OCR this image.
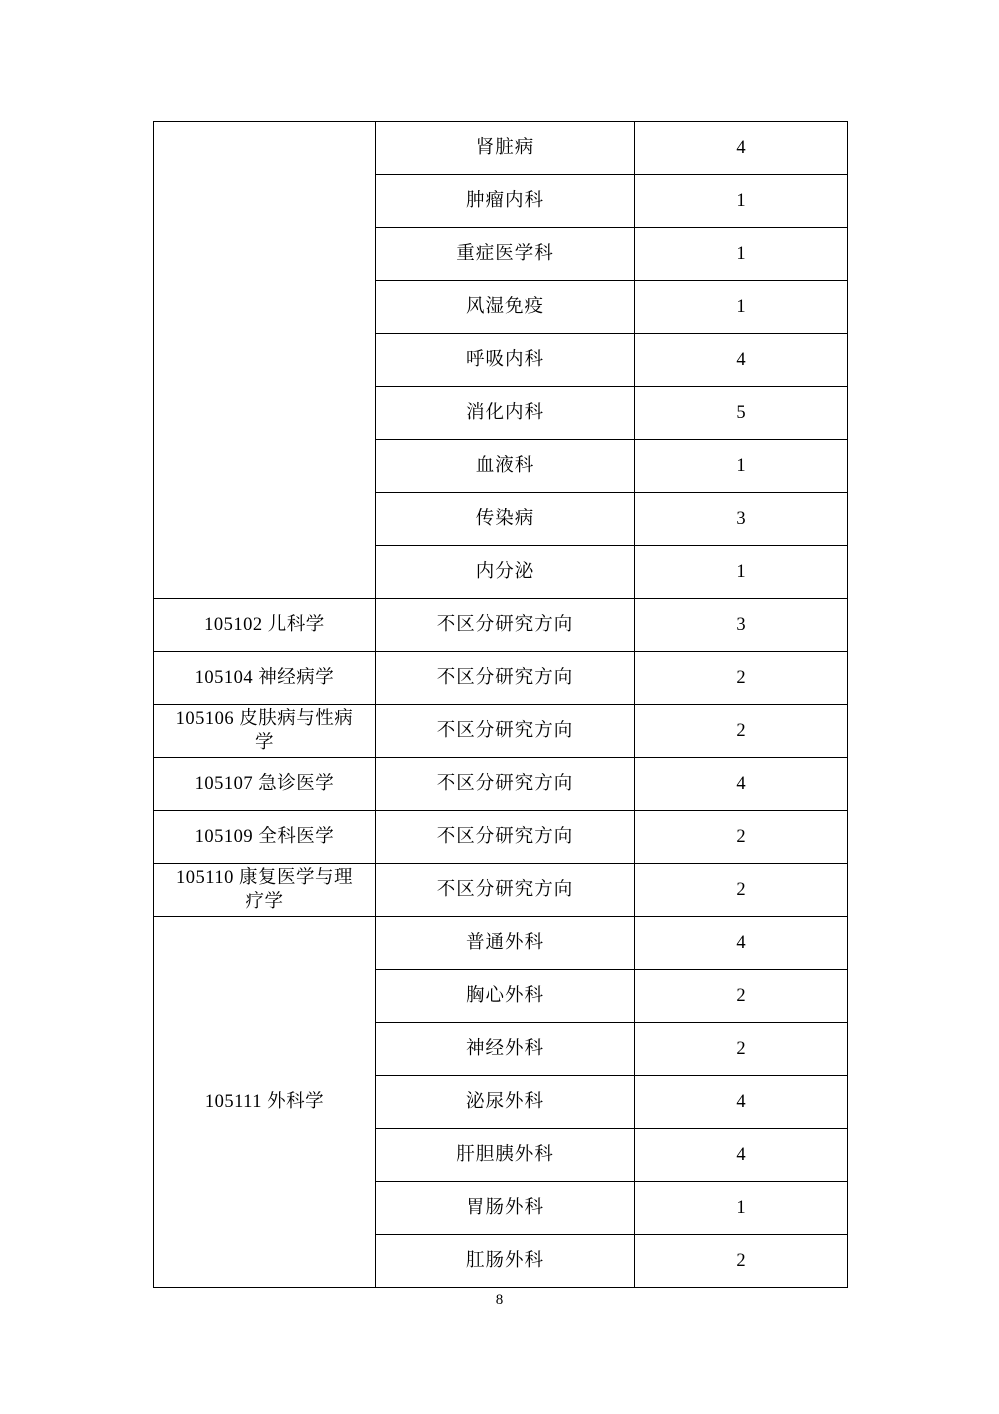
	肾脏病	4
	肿瘤内科	1
	重症医学科	1
	风湿免疫	1
	呼吸内科	4
	消化内科	5
	血液科	1
	传染病	3
	内分泌	1
105102 儿科学	不区分研究方向	3
105104 神经病学	不区分研究方向	2

105106 皮肤病与性病
学	不区分研究方向	2
105107 急诊医学	不区分研究方向	4
105109 全科医学	不区分研究方向	2

105110 康复医学与理
疗学	不区分研究方向	2
105111 外科学	普通外科	4
	胸心外科	2
	神经外科	2
	泌尿外科	4
	肝胆胰外科	4
	胃肠外科	1
	肛肠外科	2
8
